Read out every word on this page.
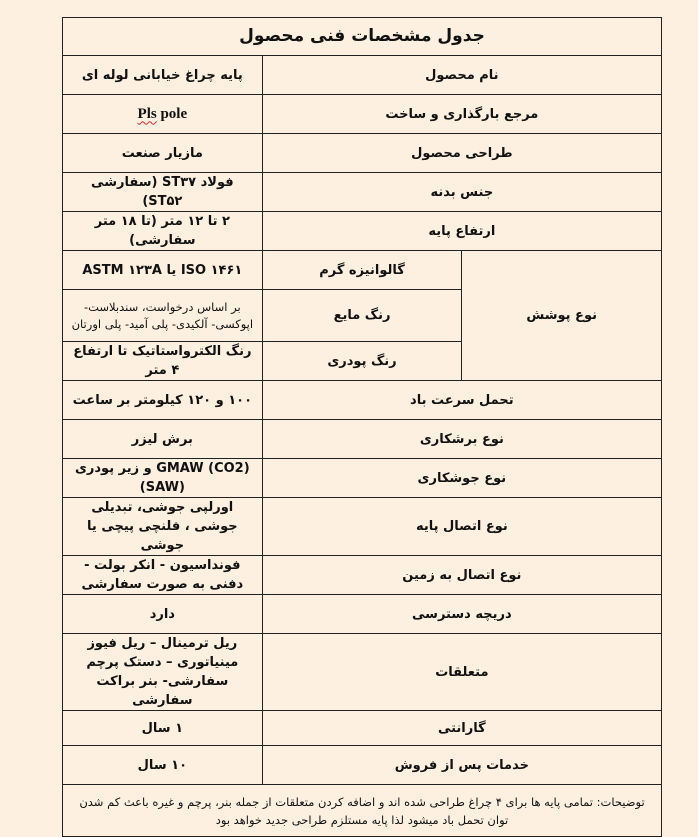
جدول مشخصات فنی محصول		
نام محصول		پایه چراغ خیابانی لوله ای
مرجع بارگذاری و ساخت		Pls pole
طراحی محصول		مازیار صنعت
جنس بدنه		فولاد ST۳۷ (سفارشی ST۵۲)
ارتفاع پایه		۲ تا ۱۲ متر (تا ۱۸ متر سفارشی)
نوع پوشش	گالوانیزه گرم	ISO ۱۴۶۱ یا ASTM ۱۲۳A
	رنگ مایع	بر اساس درخواست، سندبلاست- اپوکسی- آلکیدی- پلی آمید- پلی اورتان
	رنگ پودری	رنگ الکترواستاتیک تا ارتفاع ۴ متر
تحمل سرعت باد		۱۰۰ و ۱۲۰ کیلومتر بر ساعت
نوع برشکاری		برش لیزر
نوع جوشکاری		GMAW (CO2) و زیر پودری (SAW)
نوع اتصال پایه		اورلپی جوشی، تبدیلی جوشی ، فلنچی پیچی یا جوشی
نوع اتصال به زمین		فونداسیون - انکر بولت - دفنی به صورت سفارشی
دریچه دسترسی		دارد
متعلقات		ریل ترمینال – ریل فیوز مینیاتوری – دستک پرچم سفارشی- بنر براکت سفارشی
گارانتی		۱ سال
خدمات پس از فروش		۱۰ سال
توضیحات: تمامی پایه ها برای ۴ چراغ طراحی شده اند و اضافه کردن متعلقات از جمله بنر، پرچم و غیره باعث کم شدن توان تحمل باد میشود لذا پایه مستلزم طراحی جدید خواهد بود		
